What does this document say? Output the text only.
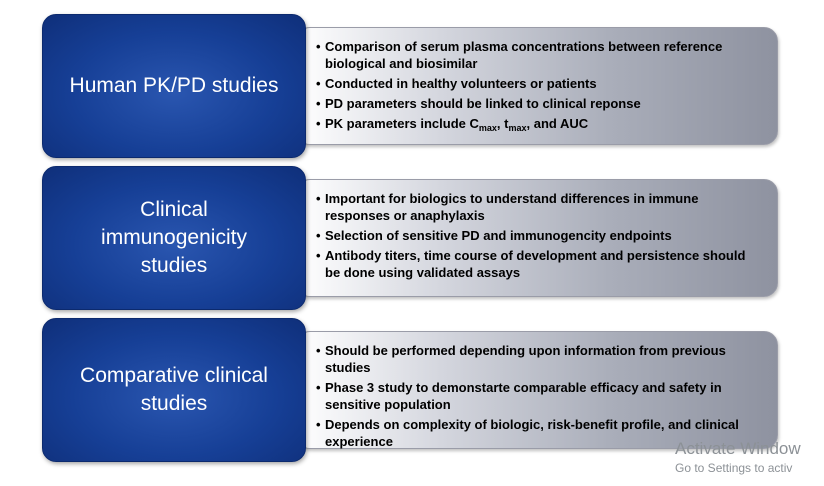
Human PK/PD studies
• Comparison of serum plasma concentrations between reference biological and biosimilar
• Conducted in healthy volunteers or patients
• PD parameters should be linked to clinical reponse
• PK parameters include $C_{max}$, $t_{max}$, and AUC
Clinical
immunogenicity
studies
• Important for biologics to understand differences in immune responses or anaphylaxis
• Selection of sensitive PD and immunogencity endpoints
• Antibody titers, time course of development and persistence should be done using validated assays
Comparative clinical
studies
• Should be performed depending upon information from previous studies
• Phase 3 study to demonstarte comparable efficacy and safety in sensitive population
• Depends on complexity of biologic, risk-benefit profile, and clinical experience	Activate Window
Go to Settings to activ
